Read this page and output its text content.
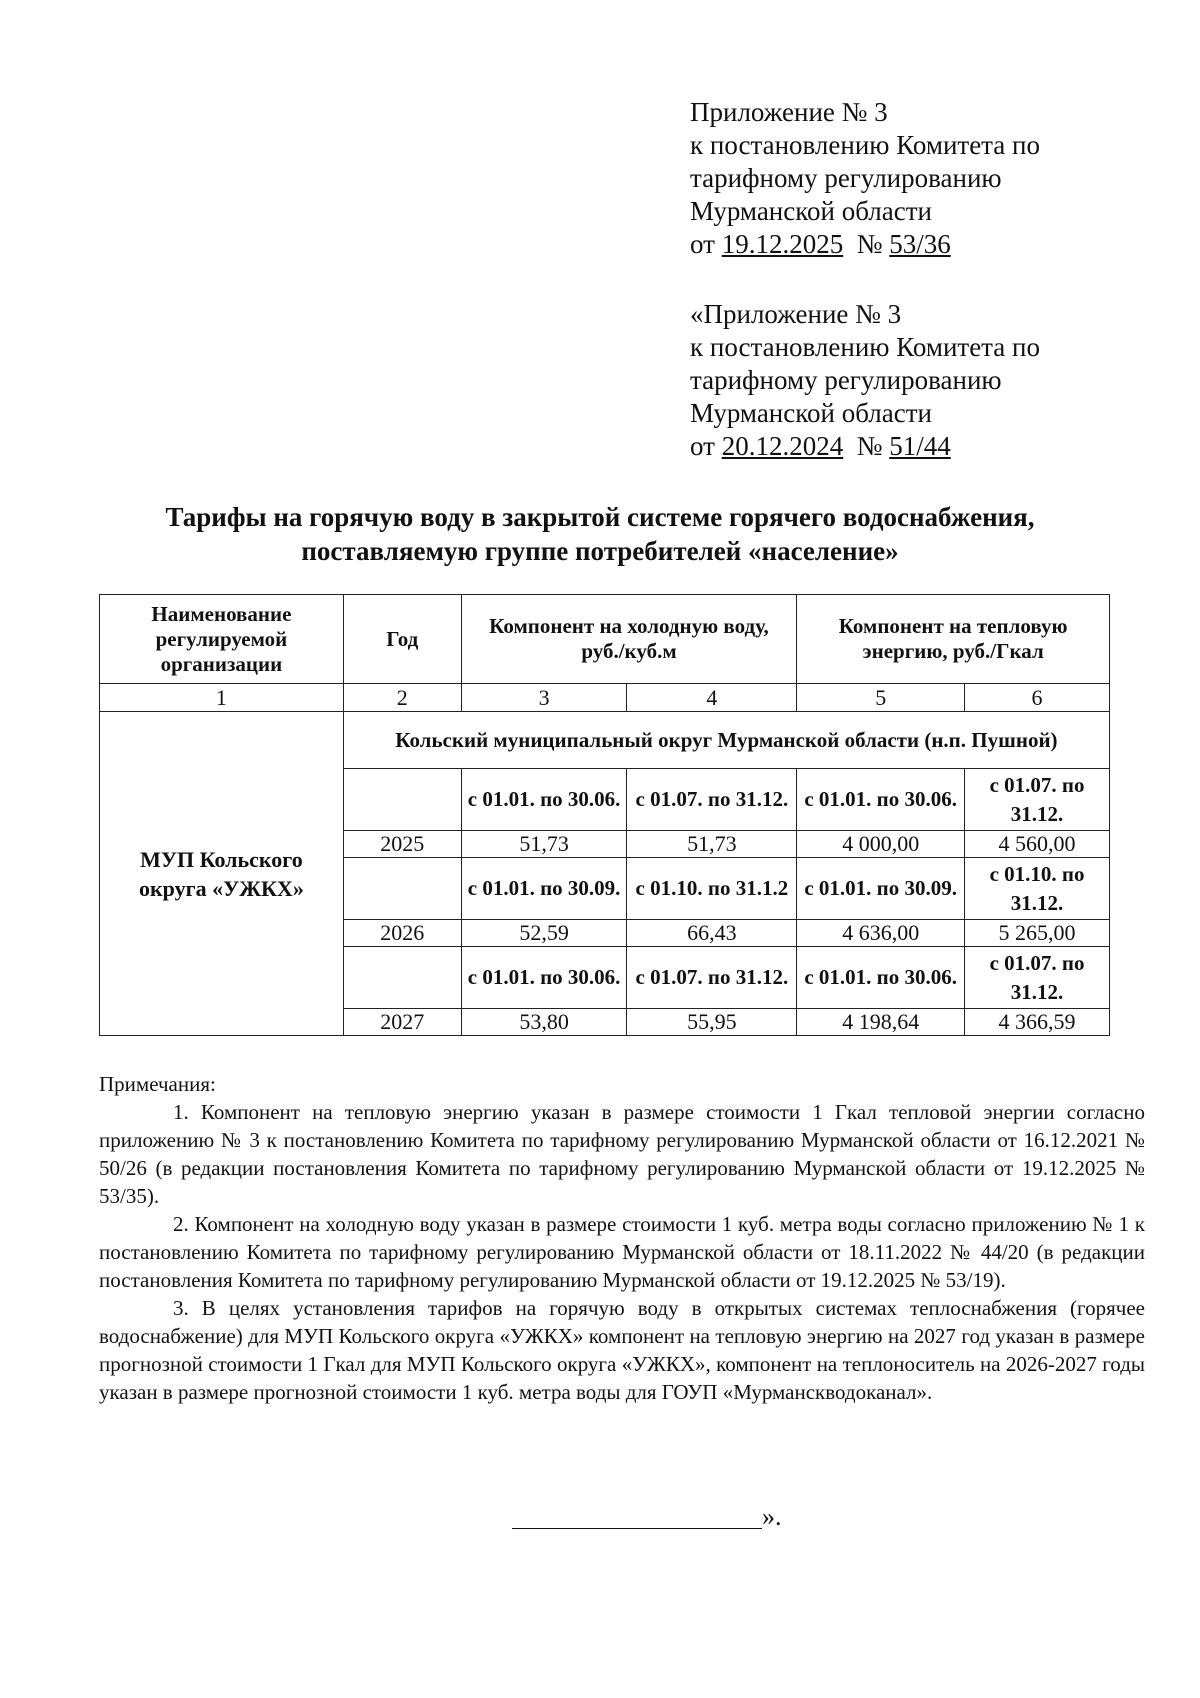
Приложение № 3
к постановлению Комитета по
тарифному регулированию
Мурманской области
от 19.12.2025  № 53/36
«Приложение № 3
к постановлению Комитета по
тарифному регулированию
Мурманской области
от 20.12.2024  № 51/44
Тарифы на горячую воду в закрытой системе горячего водоснабжения,
поставляемую группе потребителей «население»
Наименование регулируемой организации	Год	Компонент на холодную воду, руб./куб.м		Компонент на тепловую энергию, руб./Гкал	
1	2	3	4	5	6
МУП Кольского округа «УЖКХ»	Кольский муниципальный округ Мурманской области (н.п. Пушной)				
		с 01.01. по 30.06.	с 01.07. по 31.12.	с 01.01. по 30.06.	с 01.07. по 31.12.
	2025	51,73	51,73	4 000,00	4 560,00
		с 01.01. по 30.09.	с 01.10. по 31.1.2	с 01.01. по 30.09.	с 01.10. по 31.12.
	2026	52,59	66,43	4 636,00	5 265,00
		с 01.01. по 30.06.	с 01.07. по 31.12.	с 01.01. по 30.06.	с 01.07. по 31.12.
	2027	53,80	55,95	4 198,64	4 366,59

Примечания:

1. Компонент на тепловую энергию указан в размере стоимости 1 Гкал тепловой энергии согласно приложению № 3 к постановлению Комитета по тарифному регулированию Мурманской области от 16.12.2021 № 50/26 (в редакции постановления Комитета по тарифному регулированию Мурманской области от 19.12.2025 № 53/35).

2. Компонент на холодную воду указан в размере стоимости 1 куб. метра воды согласно приложению № 1 к постановлению Комитета по тарифному регулированию Мурманской области от 18.11.2022 № 44/20 (в редакции постановления Комитета по тарифному регулированию Мурманской области от 19.12.2025 № 53/19).

3. В целях установления тарифов на горячую воду в открытых системах теплоснабжения (горячее водоснабжение) для МУП Кольского округа «УЖКХ» компонент на тепловую энергию на 2027 год указан в размере прогнозной стоимости 1 Гкал для МУП Кольского округа «УЖКХ», компонент на теплоноситель на 2026-2027 годы указан в размере прогнозной стоимости 1 куб. метра воды для ГОУП «Мурманскводоканал».

».
